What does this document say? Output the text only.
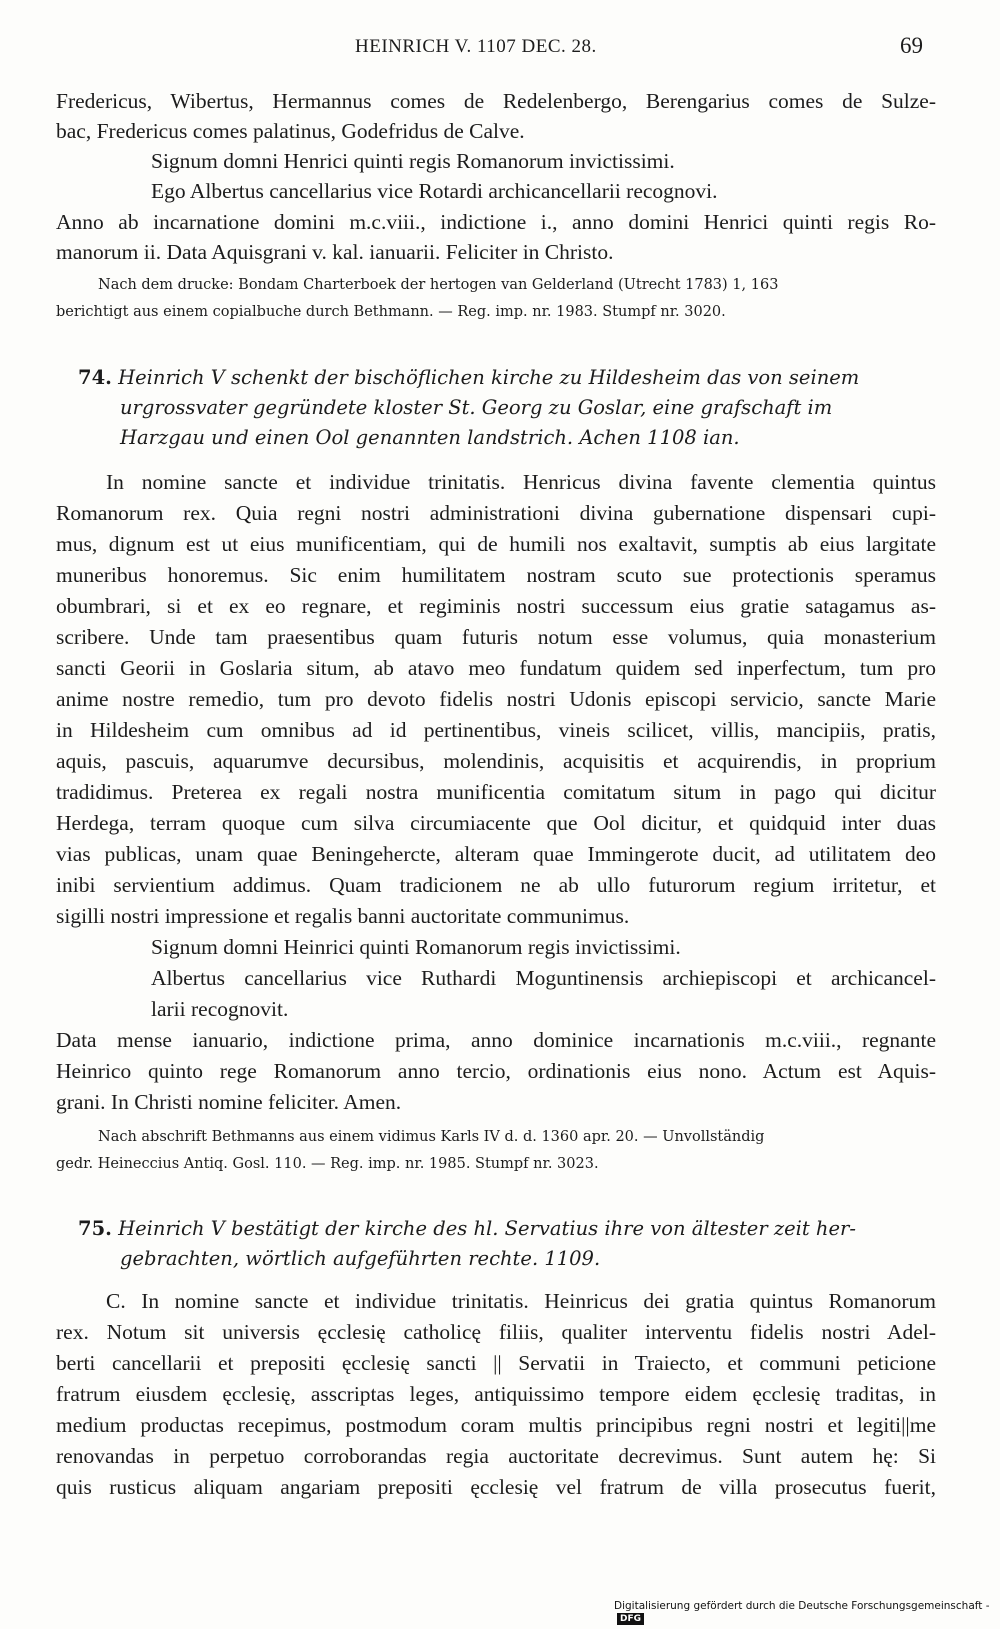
HEINRICH V. 1107 DEC. 28.	69

Fredericus, Wibertus, Hermannus comes de Redelenbergo, Berengarius comes de Sulze-

bac, Fredericus comes palatinus, Godefridus de Calve.

Signum domni Henrici quinti regis Romanorum invictissimi.

Ego Albertus cancellarius vice Rotardi archicancellarii recognovi.

Anno ab incarnatione domini m.c.viii., indictione i., anno domini Henrici quinti regis Ro-

manorum ii. Data Aquisgrani v. kal. ianuarii. Feliciter in Christo.

Nach dem drucke: Bondam Charterboek der hertogen van Gelderland (Utrecht 1783) 1, 163
berichtigt aus einem copialbuche durch Bethmann. — Reg. imp. nr. 1983. Stumpf nr. 3020.

74. Heinrich V schenkt der bischöflichen kirche zu Hildesheim das von seinem
urgrossvater gegründete kloster St. Georg zu Goslar, eine grafschaft im
Harzgau und einen Ool genannten landstrich. Achen 1108 ian.

In nomine sancte et individue trinitatis. Henricus divina favente clementia quintus

Romanorum rex. Quia regni nostri administrationi divina gubernatione dispensari cupi-

mus, dignum est ut eius munificentiam, qui de humili nos exaltavit, sumptis ab eius largitate

muneribus honoremus. Sic enim humilitatem nostram scuto sue protectionis speramus

obumbrari, si et ex eo regnare, et regiminis nostri successum eius gratie satagamus as-

scribere. Unde tam praesentibus quam futuris notum esse volumus, quia monasterium

sancti Georii in Goslaria situm, ab atavo meo fundatum quidem sed inperfectum, tum pro

anime nostre remedio, tum pro devoto fidelis nostri Udonis episcopi servicio, sancte Marie

in Hildesheim cum omnibus ad id pertinentibus, vineis scilicet, villis, mancipiis, pratis,

aquis, pascuis, aquarumve decursibus, molendinis, acquisitis et acquirendis, in proprium

tradidimus. Preterea ex regali nostra munificentia comitatum situm in pago qui dicitur

Herdega, terram quoque cum silva circumiacente que Ool dicitur, et quidquid inter duas

vias publicas, unam quae Beningehercte, alteram quae Immingerote ducit, ad utilitatem deo

inibi servientium addimus. Quam tradicionem ne ab ullo futurorum regium irritetur, et

sigilli nostri impressione et regalis banni auctoritate communimus.

Signum domni Heinrici quinti Romanorum regis invictissimi.

Albertus cancellarius vice Ruthardi Moguntinensis archiepiscopi et archicancel-

larii recognovit.

Data mense ianuario, indictione prima, anno dominice incarnationis m.c.viii., regnante

Heinrico quinto rege Romanorum anno tercio, ordinationis eius nono. Actum est Aquis-

grani. In Christi nomine feliciter. Amen.

Nach abschrift Bethmanns aus einem vidimus Karls IV d. d. 1360 apr. 20. — Unvollständig
gedr. Heineccius Antiq. Gosl. 110. — Reg. imp. nr. 1985. Stumpf nr. 3023.

75. Heinrich V bestätigt der kirche des hl. Servatius ihre von ältester zeit her-
gebrachten, wörtlich aufgeführten rechte. 1109.

C. In nomine sancte et individue trinitatis. Heinricus dei gratia quintus Romanorum

rex. Notum sit universis ęcclesię catholicę filiis, qualiter interventu fidelis nostri Adel-

berti cancellarii et prepositi ęcclesię sancti || Servatii in Traiecto, et communi peticione

fratrum eiusdem ęcclesię, asscriptas leges, antiquissimo tempore eidem ęcclesię traditas, in

medium productas recepimus, postmodum coram multis principibus regni nostri et legiti||me

renovandas in perpetuo corroborandas regia auctoritate decrevimus. Sunt autem hę: Si

quis rusticus aliquam angariam prepositi ęcclesię vel fratrum de villa prosecutus fuerit,

Digitalisierung gefördert durch die Deutsche Forschungsgemeinschaft -DFG
